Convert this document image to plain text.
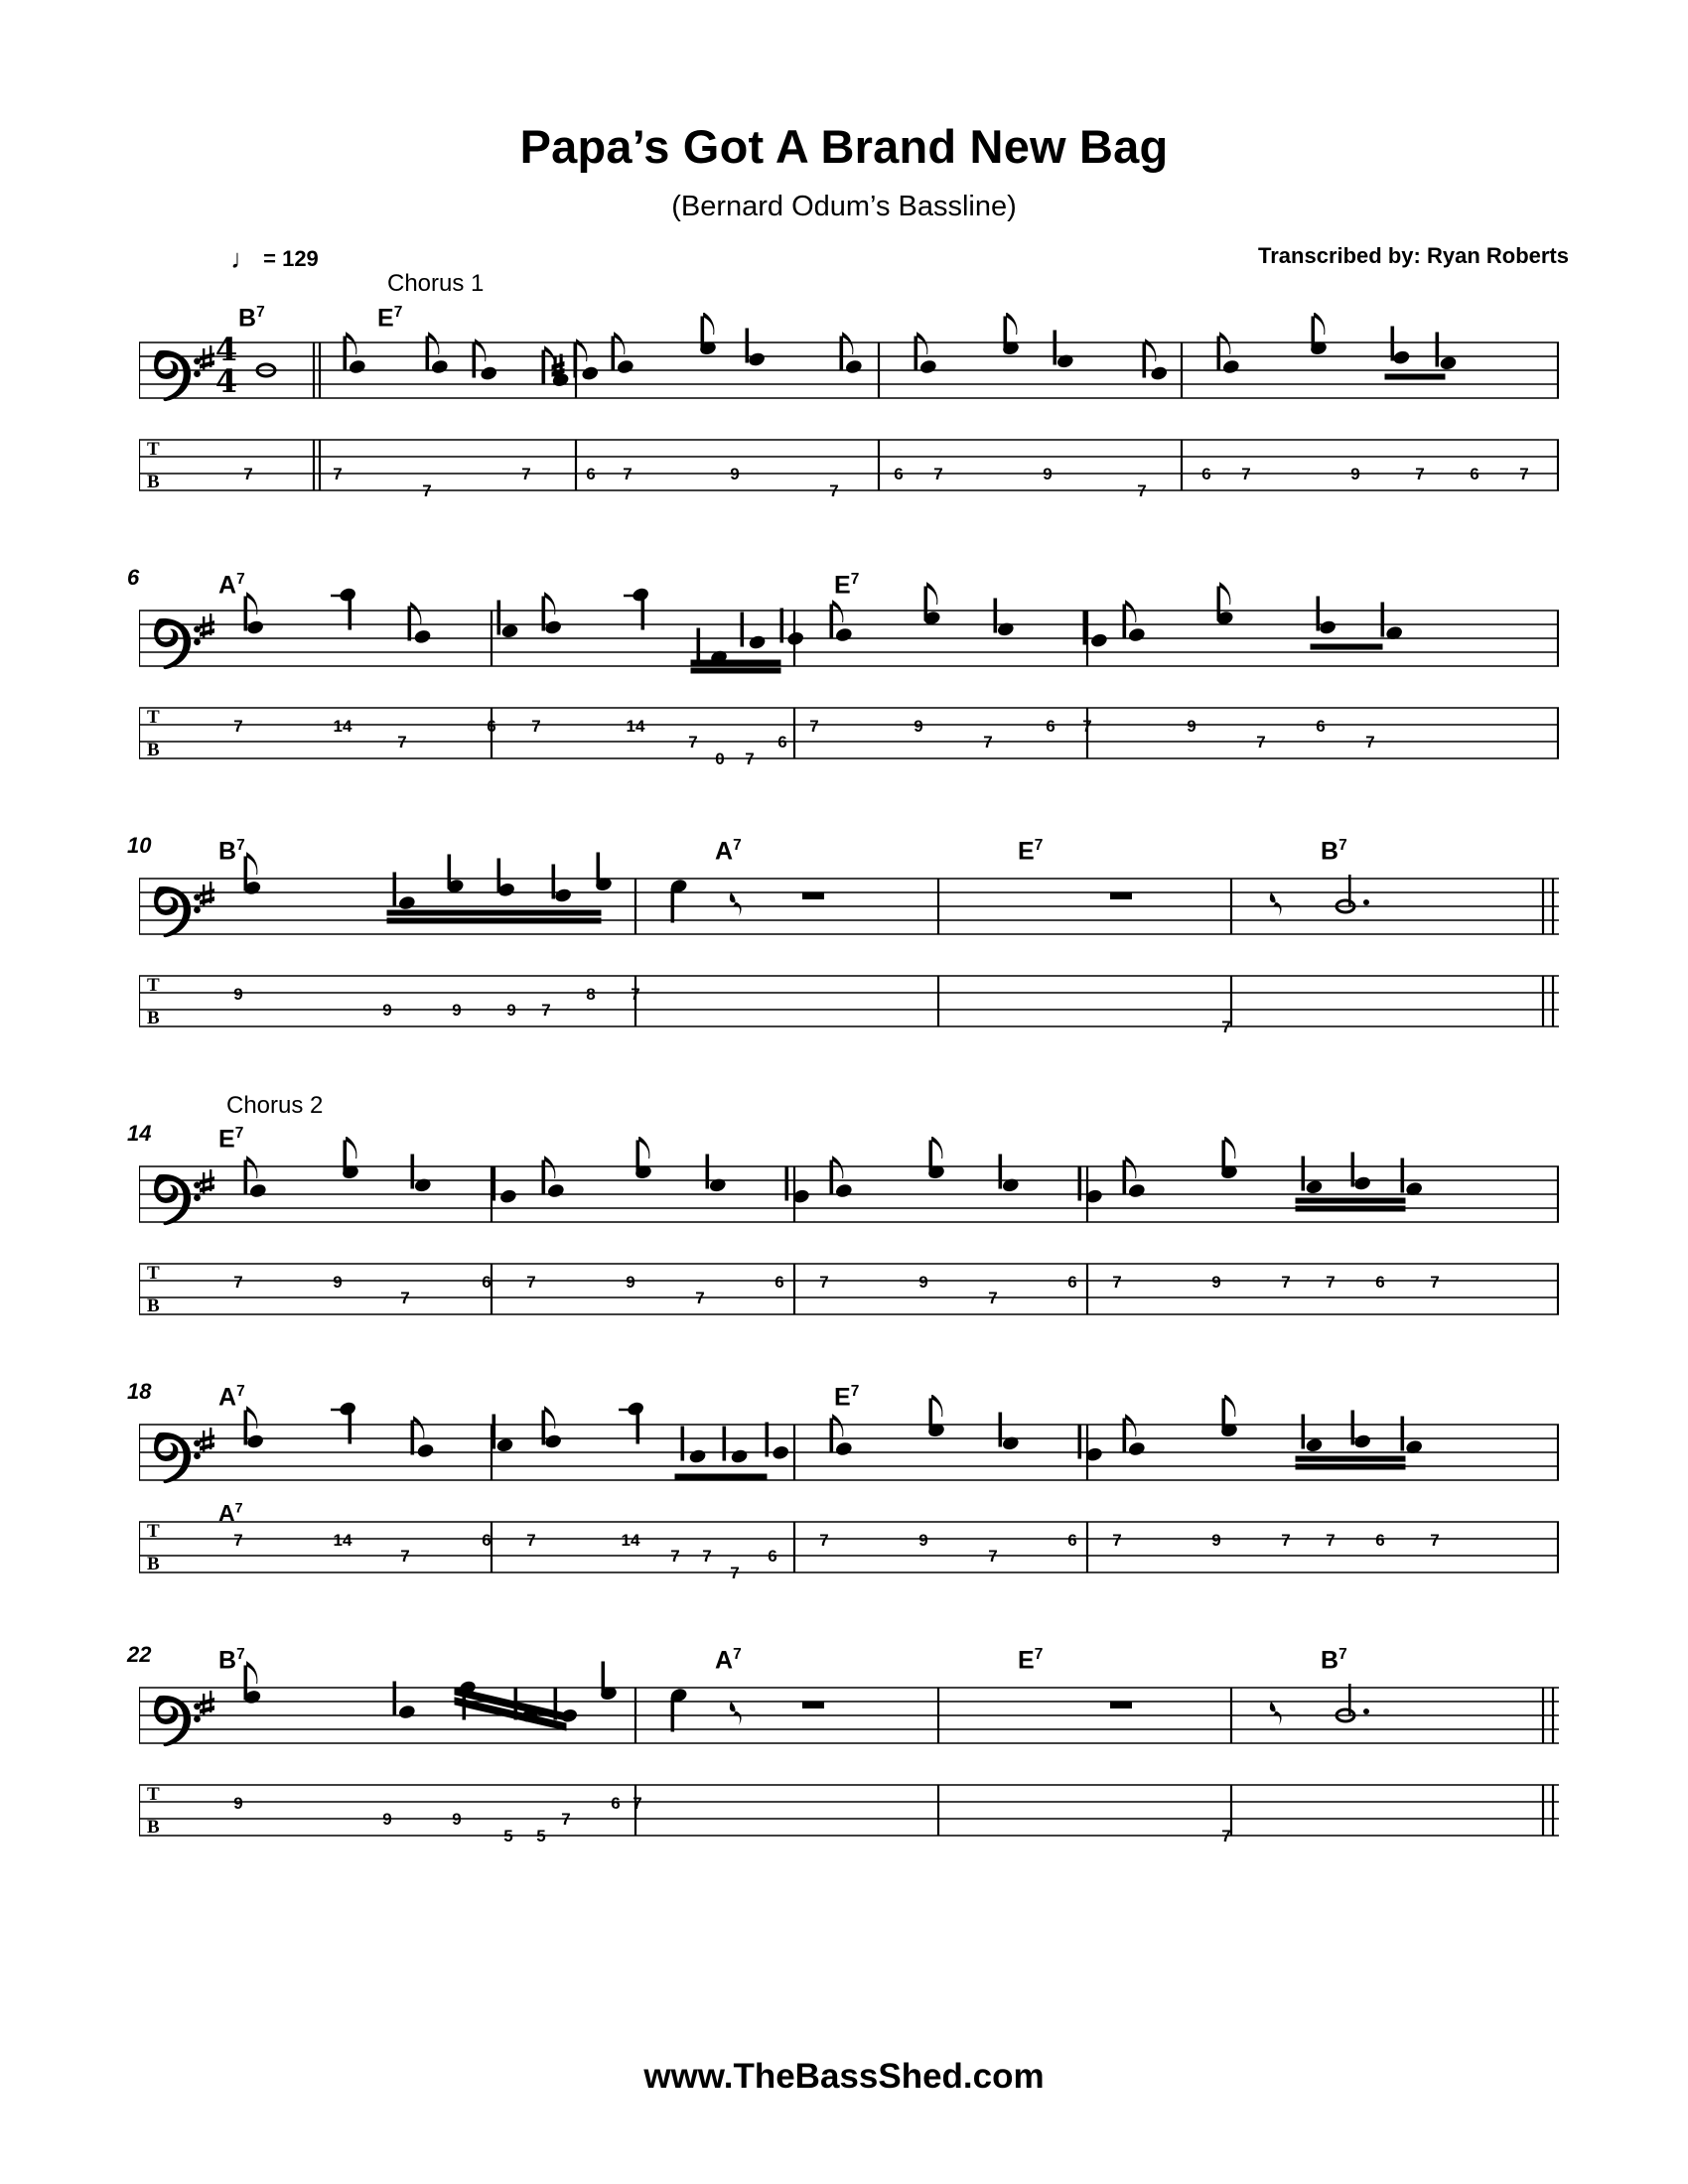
Papa’s Got A Brand New Bag
(Bernard Odum’s Bassline)
Transcribed by: Ryan Roberts
♩ = 129
Chorus 1
Chorus 2
$B^7$	$E^7$
4
4
T
B	7	7
7
7	6 7	9
7
6 7	9
7
6 7	9	7	6 7
6	$A^7$	$E^7$
T
B
7	14
7
6 7	14
7
0 7
6
7	9
7
6 7	9
7
6
7
10	$B^7$	$A^7$	$E^7$	$B^7$
T
B
9
9	9	9 7
8 7
7
14	$E^7$
T
B
7	9
7
6 7	9
7
6 7	9
7
6 7	9	7 7 6	7
18	$A^7$	$E^7$
$A^7$
T
B
7	14
7
6 7	14
7 7
7
6
7	9
7
6 7	9	7 7 6	7
22	$B^7$	$A^7$	$E^7$	$B^7$
T
B
9
9	9
5 5
7
6 7
7
www.TheBassShed.com
